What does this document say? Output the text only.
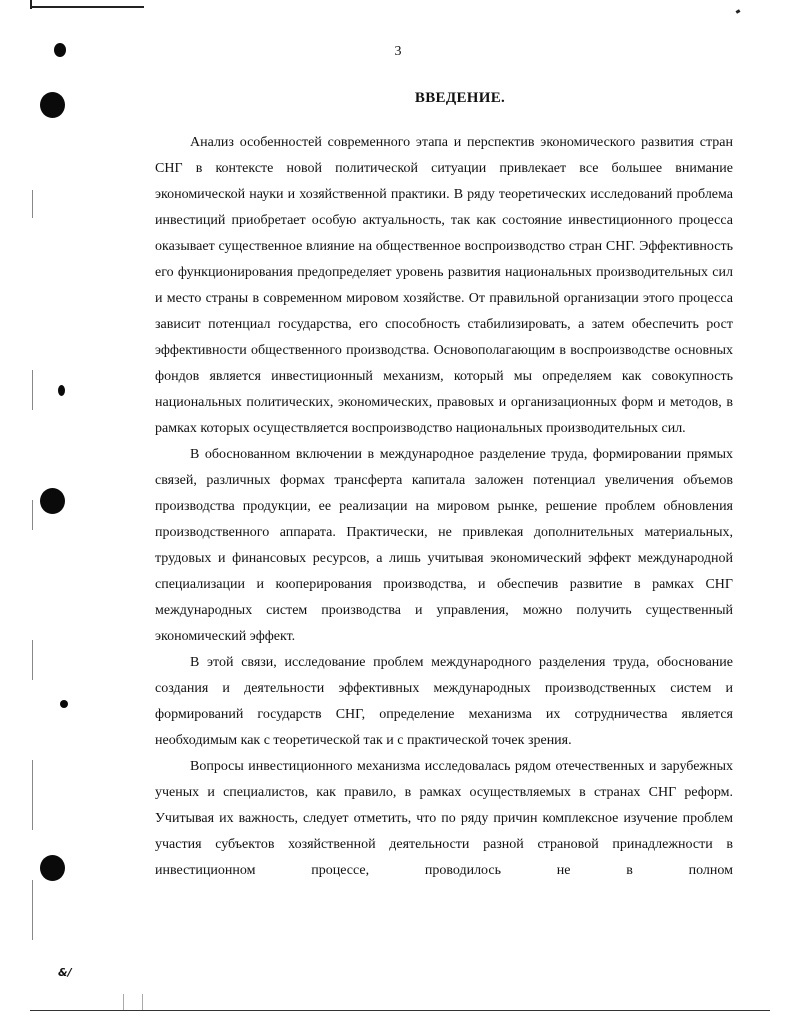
3
ВВЕДЕНИЕ.

Анализ особенностей современного этапа и перспектив экономического развития стран СНГ в контексте новой политической ситуации привлекает все большее внимание экономической науки и хозяйственной практики. В ряду теоретических исследований проблема инвестиций приобретает особую актуальность, так как состояние инвестиционного процесса оказывает существенное влияние на общественное воспроизводство стран СНГ. Эффективность его функционирования предопределяет уровень развития национальных производительных сил и место страны в современном мировом хозяйстве. От правильной организации этого процесса зависит потенциал государства, его способность стабилизировать, а затем обеспечить рост эффективности общественного производства. Основополагающим в воспроизводстве основных фондов является инвестиционный механизм, который мы определяем как совокупность национальных политических, экономических, правовых и организационных форм и методов, в рамках которых осуществляется воспроизводство национальных производительных сил.

В обоснованном включении в международное разделение труда, формировании прямых связей, различных формах трансферта капитала заложен потенциал увеличения объемов производства продукции, ее реализации на мировом рынке, решение проблем обновления производственного аппарата. Практически, не привлекая дополнительных материальных, трудовых и финансовых ресурсов, а лишь учитывая экономический эффект международной специализации и кооперирования производства, и обеспечив развитие в рамках СНГ международных систем производства и управления, можно получить существенный экономический эффект.

В этой связи, исследование проблем международного разделения труда, обоснование создания и деятельности эффективных международных производственных систем и формирований государств СНГ, определение механизма их сотрудничества является необходимым как с теоретической так и с практической точек зрения.

Вопросы инвестиционного механизма исследовалась рядом отечественных и зарубежных ученых и специалистов, как правило, в рамках осуществляемых в странах СНГ реформ. Учитывая их важность, следует отметить, что по ряду причин комплексное изучение проблем участия субъектов хозяйственной деятельности разной страновой принадлежности в инвестиционном процессе, проводилось не в полном

&/
